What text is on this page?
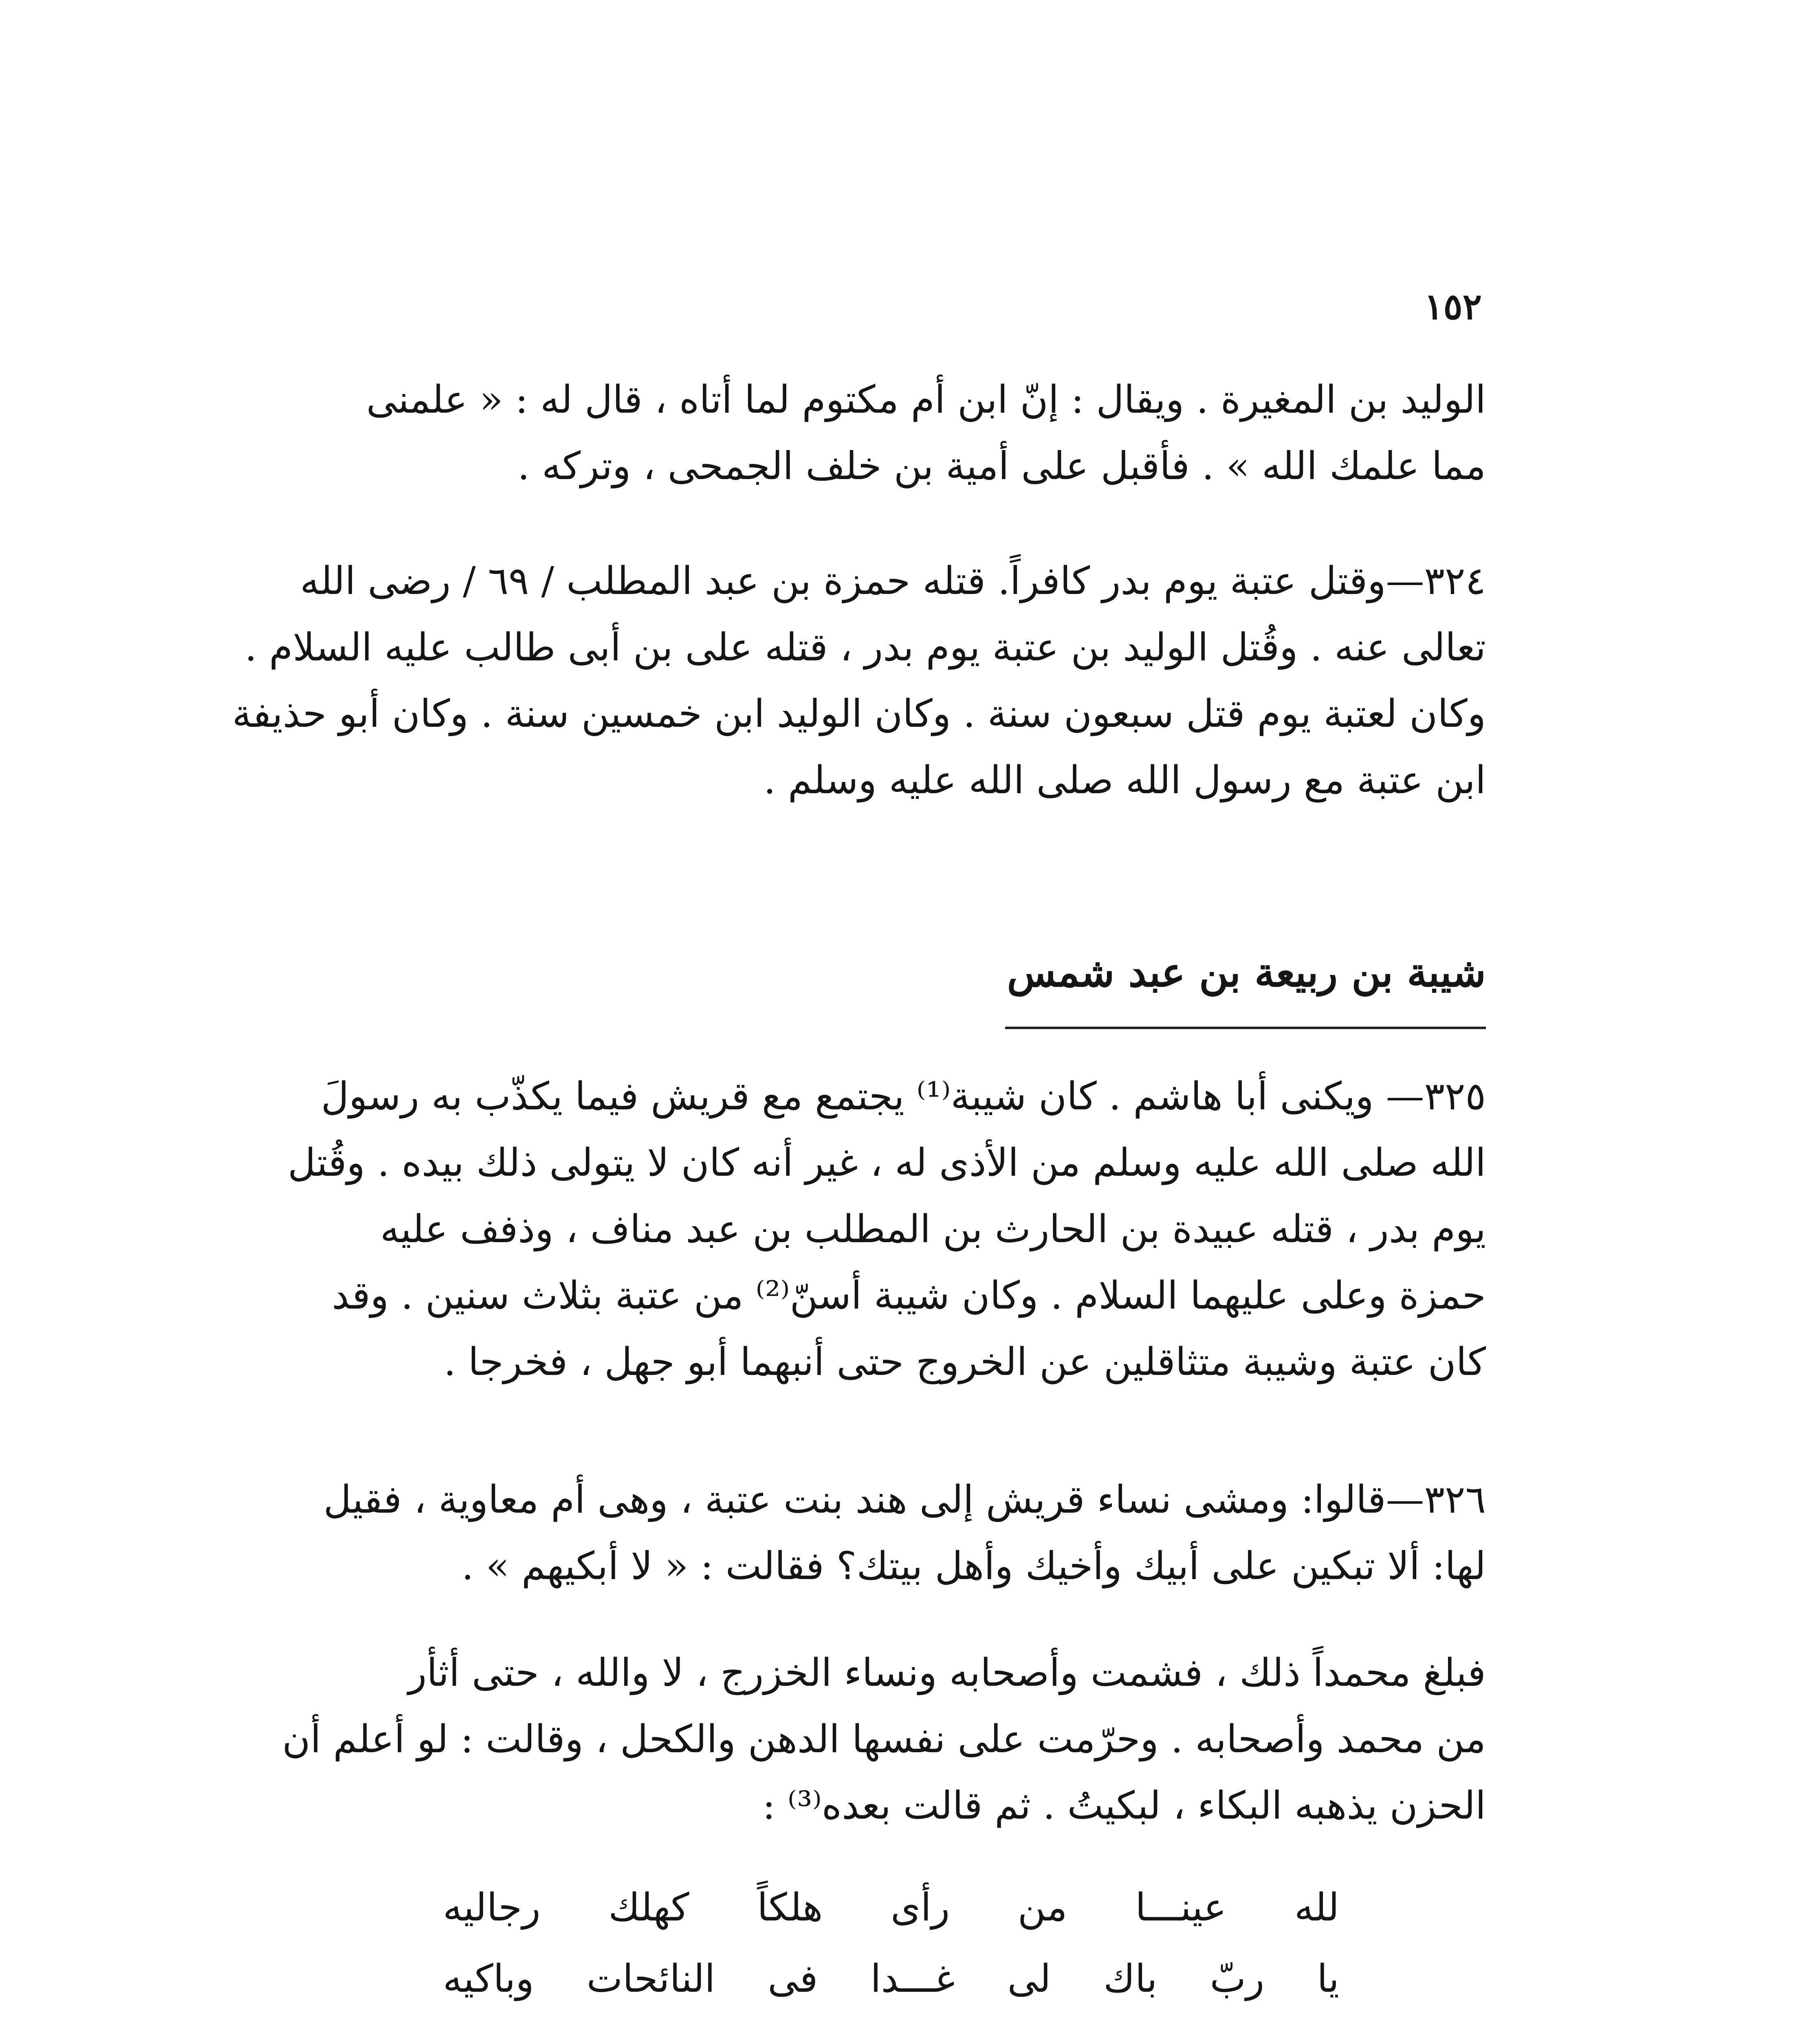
١٥٢
الوليد بن المغيرة . ويقال : إنّ ابن أم مكتوم لما أتاه ، قال له : « علمنى
مما علمك الله » . فأقبل على أمية بن خلف الجمحى ، وتركه .
٣٢٤—وقتل عتبة يوم بدر كافراً. قتله حمزة بن عبد المطلب / ٦٩ / رضى الله
تعالى عنه . وقُتل الوليد بن عتبة يوم بدر ، قتله على بن أبى طالب عليه السلام .
وكان لعتبة يوم قتل سبعون سنة . وكان الوليد ابن خمسين سنة . وكان أبو حذيفة
ابن عتبة مع رسول الله صلى الله عليه وسلم .
شيبة بن ربيعة بن عبد شمس
٣٢٥— ويكنى أبا هاشم . كان شيبة⁽¹⁾ يجتمع مع قريش فيما يكذّب به رسولَ
الله صلى الله عليه وسلم من الأذى له ، غير أنه كان لا يتولى ذلك بيده . وقُتل
يوم بدر ، قتله عبيدة بن الحارث بن المطلب بن عبد مناف ، وذفف عليه
حمزة وعلى عليهما السلام . وكان شيبة أسنّ⁽²⁾ من عتبة بثلاث سنين . وقد
كان عتبة وشيبة متثاقلين عن الخروج حتى أنبهما أبو جهل ، فخرجا .
٣٢٦—قالوا: ومشى نساء قريش إلى هند بنت عتبة ، وهى أم معاوية ، فقيل
لها: ألا تبكين على أبيك وأخيك وأهل بيتك؟ فقالت : « لا أبكيهم » .
فبلغ محمداً ذلك ، فشمت وأصحابه ونساء الخزرج ، لا والله ، حتى أثأر
من محمد وأصحابه . وحرّمت على نفسها الدهن والكحل ، وقالت : لو أعلم أن
الحزن يذهبه البكاء ، لبكيتُ . ثم قالت بعده⁽³⁾ :
لله
عينـــا
من
رأى
هلكاً
كهلك
رجاليه
يا
ربّ
باك
لى
غـــدا
فى
النائحات
وباكيه
